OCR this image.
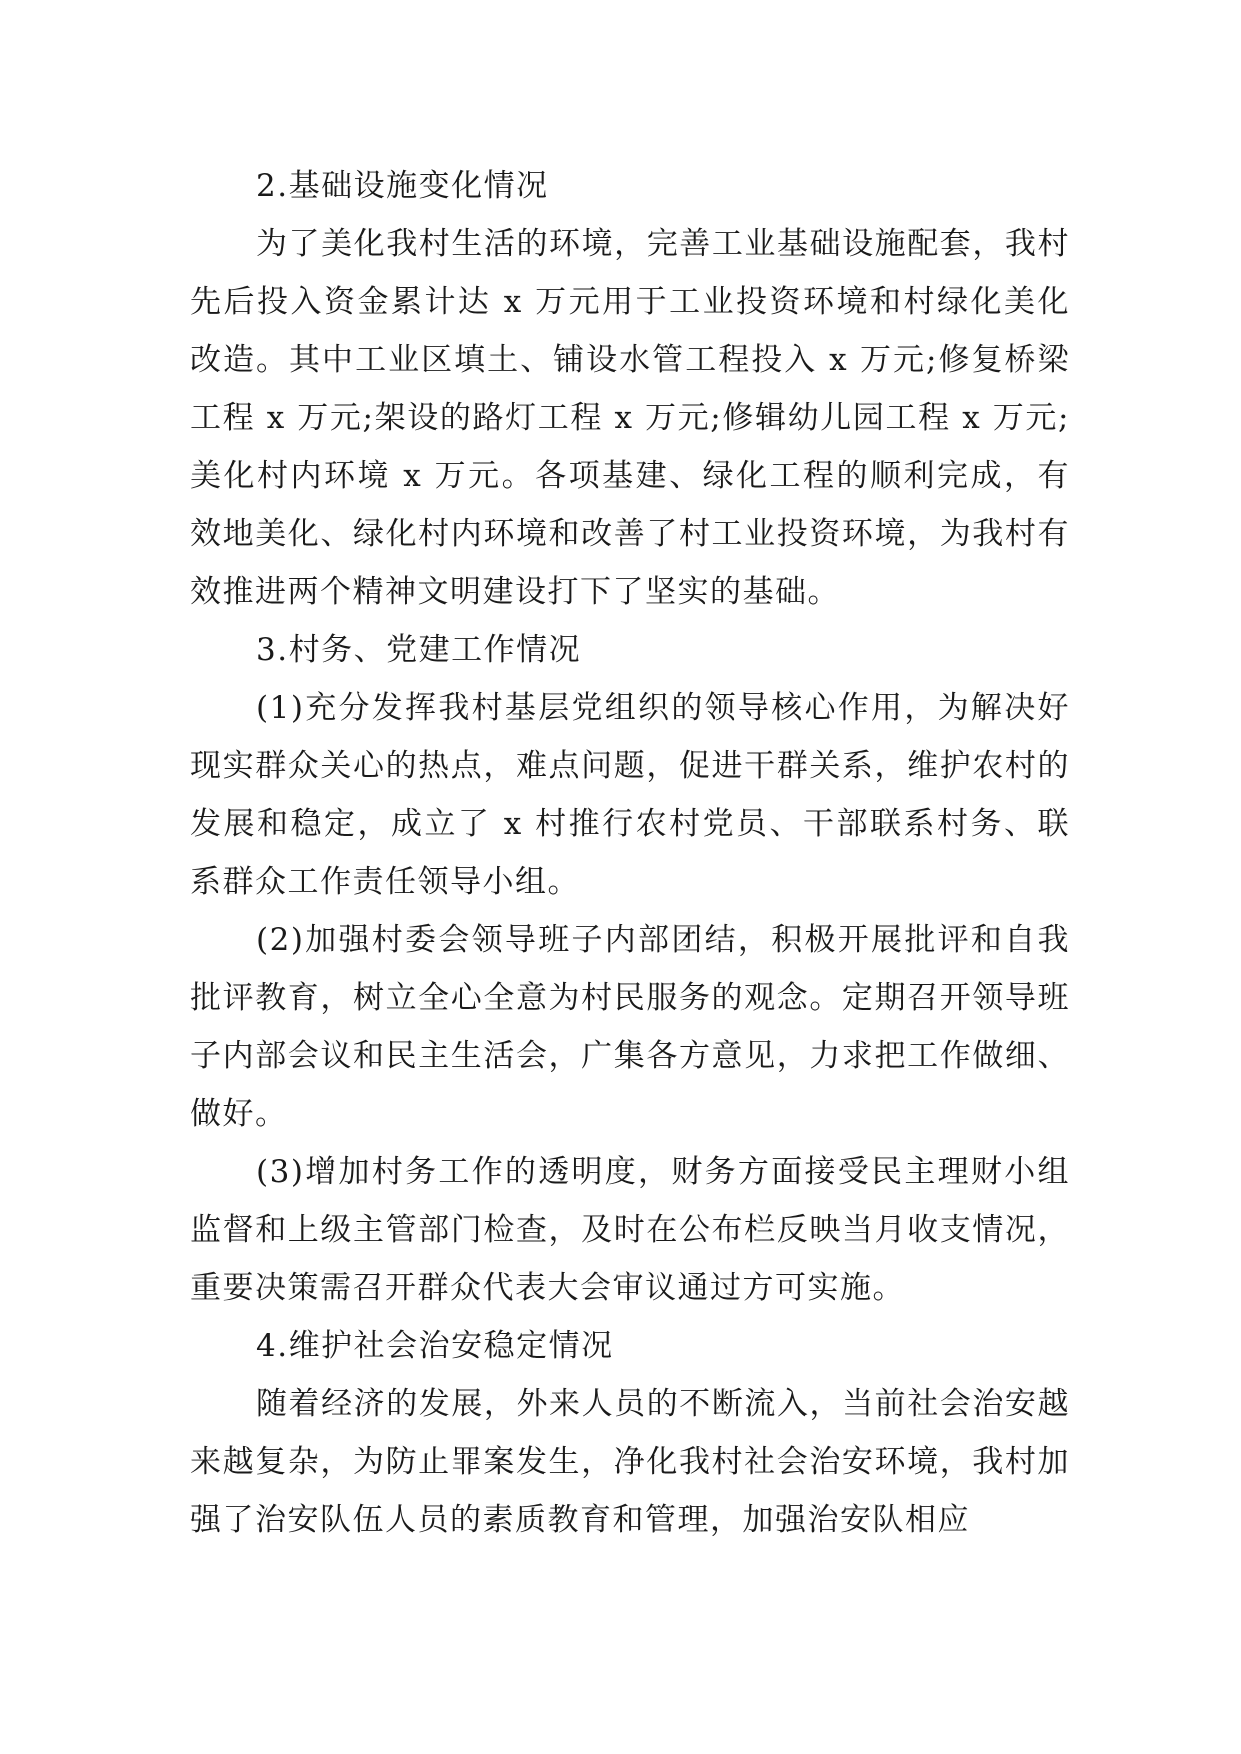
2.基础设施变化情况

为了美化我村生活的环境，完善工业基础设施配套，我村先后投入资金累计达 x 万元用于工业投资环境和村绿化美化改造。其中工业区填土、铺设水管工程投入 x 万元;修复桥梁工程 x 万元;架设的路灯工程 x 万元;修辑幼儿园工程 x 万元;美化村内环境 x 万元。各项基建、绿化工程的顺利完成，有效地美化、绿化村内环境和改善了村工业投资环境，为我村有效推进两个精神文明建设打下了坚实的基础。

3.村务、党建工作情况

(1)充分发挥我村基层党组织的领导核心作用，为解决好现实群众关心的热点，难点问题，促进干群关系，维护农村的发展和稳定，成立了 x 村推行农村党员、干部联系村务、联系群众工作责任领导小组。

(2)加强村委会领导班子内部团结，积极开展批评和自我批评教育，树立全心全意为村民服务的观念。定期召开领导班子内部会议和民主生活会，广集各方意见，力求把工作做细、做好。

(3)增加村务工作的透明度，财务方面接受民主理财小组监督和上级主管部门检查，及时在公布栏反映当月收支情况，重要决策需召开群众代表大会审议通过方可实施。

4.维护社会治安稳定情况

随着经济的发展，外来人员的不断流入，当前社会治安越来越复杂，为防止罪案发生，净化我村社会治安环境，我村加强了治安队伍人员的素质教育和管理，加强治安队相应
